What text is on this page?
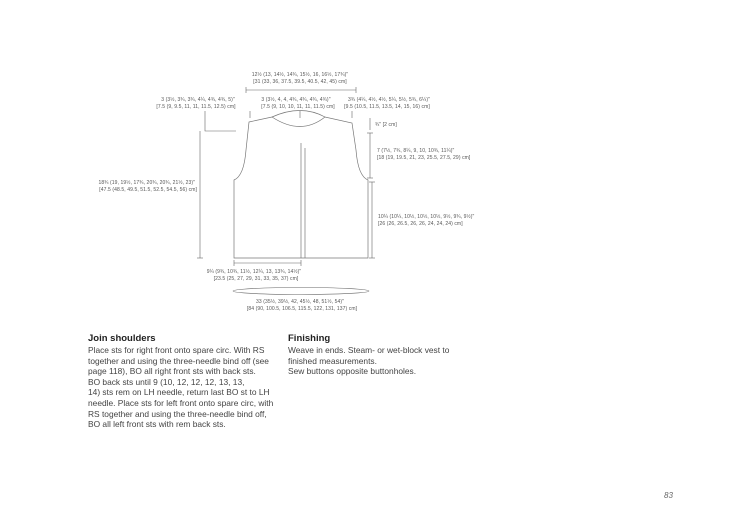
12½ (13, 14½, 14¾, 15½, 16, 16½, 17¾)"
[31 (33, 36, 37.5, 39.5, 40.5, 42, 45) cm]
3 (3½, 3¾, 3¾, 4¼, 4¾, 4¾, 5)"
[7.5 (9, 9.5, 11, 11, 11.5, 12.5) cm]
3 (3½, 4, 4, 4¾, 4¾, 4¾, 4¾)"
[7.5 (9, 10, 10, 11, 11, 11.5) cm]
3¾ (4¼, 4½, 4½, 5¼, 5½, 5¾, 6¼)"
[9.5 (10.5, 11.5, 13.5, 14, 15, 16) cm]
¾" [2 cm]
7 (7½, 7¾, 8¼, 9, 10, 10¾, 11¼)"
[18 (19, 19.5, 21, 23, 25.5, 27.5, 29) cm]
10¼ (10¼, 10½, 10½, 10½, 9½, 9¾, 9½)"
[26 (26, 26.5, 26, 26, 24, 24, 24) cm]
18¾ (19, 19½, 17¾, 20¾, 20¾, 21½, 23)"
[47.5 (48.5, 49.5, 51.5, 52.5, 54.5, 56) cm]
9¼ (9¾, 10¾, 11½, 12¼, 13, 13¾, 14½)"
[23.5 (25, 27, 29, 31, 33, 35, 37) cm]
33 (35½, 39½, 42, 45½, 48, 51½, 54)"
[84 (90, 100.5, 106.5, 115.5, 122, 131, 137) cm]
Join shoulders

Place sts for right front onto spare circ. With RS

together and using the three-needle bind off (see

page 118), BO all right front sts with back sts.

BO back sts until 9 (10, 12, 12, 12, 13, 13,

14) sts rem on LH needle, return last BO st to LH

needle. Place sts for left front onto spare circ, with

RS together and using the three-needle bind off,

BO all left front sts with rem back sts.

Finishing

Weave in ends. Steam- or wet-block vest to

finished measurements.

Sew buttons opposite buttonholes.

83
